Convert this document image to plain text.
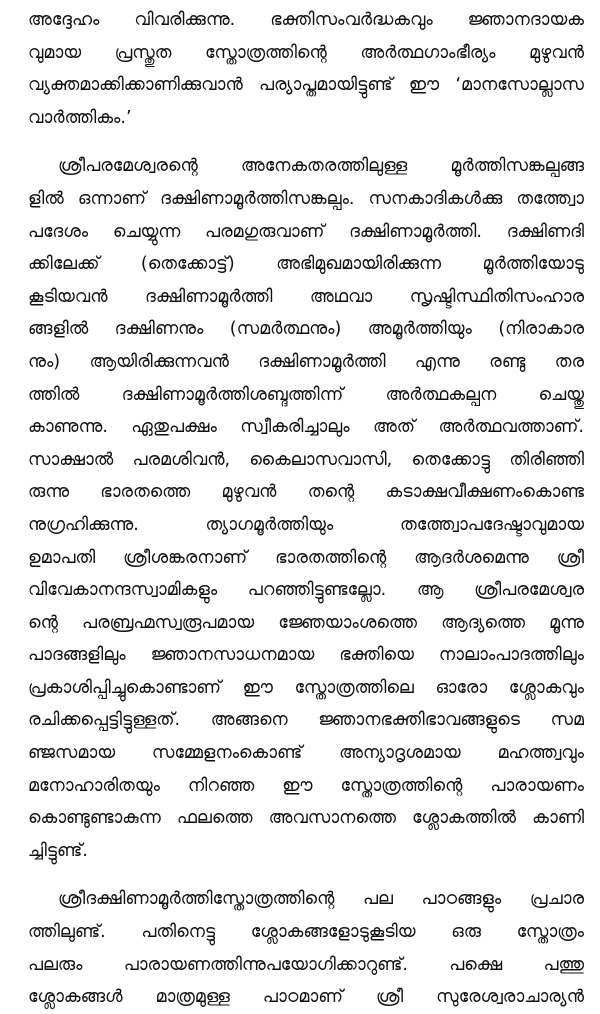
അദ്ദേഹം വിവരിക്കുന്നു. ഭക്തിസംവർദ്ധകവും ജ്ഞാനദായക
വുമായ പ്രസ്തുത സ്തോത്രത്തിന്റെ അർത്ഥഗാംഭീര്യം മുഴുവൻ
വ്യക്തമാക്കിക്കാണിക്കുവാൻ പര്യാപ്തമായിട്ടുണ്ട് ഈ ‘മാനസോല്ലാസ
വാർത്തികം.’
ശ്രീപരമേശ്വരന്റെ അനേകതരത്തിലുള്ള മൂർത്തിസങ്കല്പങ്ങ
ളിൽ ഒന്നാണ് ദക്ഷിണാമൂർത്തിസങ്കല്പം. സനകാദികൾക്കു തത്ത്വോ
പദേശം ചെയ്യുന്ന പരമഗുരുവാണ് ദക്ഷിണാമൂർത്തി. ദക്ഷിണദി
ക്കിലേക്ക് (തെക്കോട്ട്) അഭിമുഖമായിരിക്കുന്ന മൂർത്തിയോടു
കൂടിയവൻ ദക്ഷിണാമൂർത്തി അഥവാ സൃഷ്ടിസ്ഥിതിസംഹാര
ങ്ങളിൽ ദക്ഷിണനും (സമർത്ഥനും) അമൂർത്തിയും (നിരാകാര
നും) ആയിരിക്കുന്നവൻ ദക്ഷിണാമൂർത്തി എന്നു രണ്ടു തര
ത്തിൽ ദക്ഷിണാമൂർത്തിശബ്ദത്തിന്ന് അർത്ഥകല്പന ചെയ്തു
കാണുന്നു. ഏതുപക്ഷം സ്വീകരിച്ചാലും അത് അർത്ഥവത്താണ്.
സാക്ഷാൽ പരമശിവൻ, കൈലാസവാസി, തെക്കോട്ടു തിരിഞ്ഞി
രുന്നു ഭാരതത്തെ മുഴുവൻ തന്റെ കടാക്ഷവീക്ഷണംകൊണ്ട
നുഗ്രഹിക്കുന്നു. ത്യാഗമൂർത്തിയും തത്ത്വോപദേഷ്ടാവുമായ
ഉമാപതി ശ്രീശങ്കരനാണ് ഭാരതത്തിന്റെ ആദർശമെന്നു ശ്രീ
വിവേകാനന്ദസ്വാമികളും പറഞ്ഞിട്ടുണ്ടല്ലോ. ആ ശ്രീപരമേശ്വര
ന്റെ പരബ്രഹ്മസ്വരൂപമായ ജ്ഞേയാംശത്തെ ആദ്യത്തെ മൂന്നു
പാദങ്ങളിലും ജ്ഞാനസാധനമായ ഭക്തിയെ നാലാംപാദത്തിലും
പ്രകാശിപ്പിച്ചുകൊണ്ടാണ് ഈ സ്തോത്രത്തിലെ ഓരോ ശ്ലോകവും
രചിക്കപ്പെട്ടിട്ടുള്ളത്. അങ്ങനെ ജ്ഞാനഭക്തിഭാവങ്ങളുടെ സമ
ഞ്ജസമായ സമ്മേളനംകൊണ്ട് അന്യാദൃശമായ മഹത്ത്വവും
മനോഹാരിതയും നിറഞ്ഞ ഈ സ്തോത്രത്തിന്റെ പാരായണം
കൊണ്ടുണ്ടാകുന്ന ഫലത്തെ അവസാനത്തെ ശ്ലോകത്തിൽ കാണി
ച്ചിട്ടുണ്ട്.
ശ്രീദക്ഷിണാമൂർത്തിസ്തോത്രത്തിന്റെ പല പാഠങ്ങളും പ്രചാര
ത്തിലുണ്ട്. പതിനെട്ടു ശ്ലോകങ്ങളോടുകൂടിയ ഒരു സ്തോത്രം
പലരും പാരായണത്തിന്നുപയോഗിക്കാറുണ്ട്. പക്ഷെ പത്തു
ശ്ലോകങ്ങൾ മാത്രമുള്ള പാഠമാണ് ശ്രീ സുരേശ്വരാചാര്യൻ
